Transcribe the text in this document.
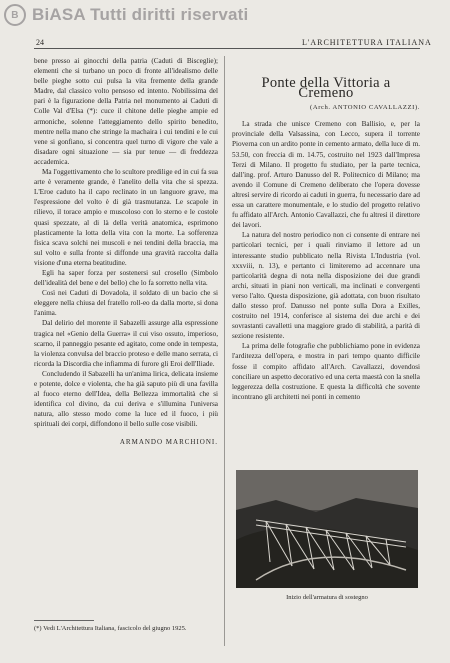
B BiASA Tutti diritti riservati
24	L'ARCHITETTURA ITALIANA

bene presso ai ginocchi della patria (Caduti di Bisceglie); elementi che si turbano un poco di fronte all'idealismo delle belle pieghe sotto cui pulsa la vita fremente della grande Madre, dal classico volto pensoso ed intento. Nobilissima del pari è la figurazione della Patria nel monumento ai Caduti di Colle Val d'Elsa (*): cuce il chitone delle pieghe ampie ed armoniche, solenne l'atteggiamento dello spirito benedito, mentre nella mano che stringe la machaira i cui tendini e le cui vene si gonfiano, si concentra quel turno di vigore che vale a disadare ogni situazione — sia pur tenue — di freddezza accademica.

Ma l'oggettivamento che lo scultore predilige ed in cui fa sua arte è veramente grande, è l'anelito della vita che si spezza. L'Eroe caduto ha il capo reclinato in un languore grave, ma l'espressione del volto è di già trasmutanza. Le scapole in rilievo, il torace ampio e muscoloso con lo sterno e le costole quasi spezzate, al di là della verità anatomica, esprimono plasticamente la lotta della vita con la morte. La sofferenza fisica scava solchi nei muscoli e nei tendini della braccia, ma sul volto e sulla fronte si diffonde una gravità raccolta dalla visione d'una eterna beatitudine.

Egli ha saper forza per sostenersi sul crosello (Simbolo dell'idealità del bene e del bello) che lo fa sorretto nella vita.

Così nei Caduti di Dovadola, il soldato di un bacio che si eleggere nella chiusa del fratello roll-eo da dalla morte, si dona l'anima.

Dal delirio del morente il Sabazelli assurge alla espressione tragica nel «Genio della Guerra» il cui viso ossuto, imperioso, scarno, il panneggio pesante ed agitato, come onde in tempesta, la violenza convulsa del braccio proteso e delle mano serrata, ci ricorda la Discordia che infiamma di furore gli Eroi dell'Iliade.

Concludendo il Sabazelli ha un'anima lirica, delicata insieme e potente, dolce e violenta, che ha già saputo più di una favilla al fuoco eterno dell'Idea, della Bellezza immortalità che si identifica col divino, da cui deriva e s'illumina l'universa natura, allo stesso modo come la luce ed il fuoco, i più spirituali dei corpi, diffondono il bello sulle cose visibili.

ARMANDO MARCHIONI.
(*) Vedi L'Architettura Italiana, fascicolo del giugno 1925.
Ponte della Vittoria a Cremeno
(Arch. ANTONIO CAVALLAZZI).

La strada che unisce Cremeno con Ballisio, e, per la provinciale della Valsassina, con Lecco, supera il torrente Pioverna con un ardito ponte in cemento armato, della luce di m. 53.50, con freccia di m. 14.75, costruito nel 1923 dall'Impresa Terzi di Milano. Il progetto fu studiato, per la parte tecnica, dall'ing. prof. Arturo Danusso del R. Politecnico di Milano; ma avendo il Comune di Cremeno deliberato che l'opera dovesse altresì servire di ricordo ai caduti in guerra, fu necessario dare ad essa un carattere monumentale, e lo studio del progetto relativo fu affidato all'Arch. Antonio Cavallazzi, che fu altresì il direttore dei lavori.

La natura del nostro periodico non ci consente di entrare nei particolari tecnici, per i quali rinviamo il lettore ad un interessante studio pubblicato nella Rivista L'Industria (vol. xxxviii, n. 13), e pertanto ci limiteremo ad accennare una particolarità degna di nota nella disposizione dei due grandi archi, situati in piani non verticali, ma inclinati e convergenti verso l'alto. Questa disposizione, già adottata, con buon risultato dallo stesso prof. Danusso nel ponte sulla Dora a Exilles, costruito nel 1914, conferisce al sistema dei due archi e dei sovrastanti cavalletti una maggiore grado di stabilità, a parità di sezione resistente.

La prima delle fotografie che pubblichiamo pone in evidenza l'arditezza dell'opera, e mostra in pari tempo quanto difficile fosse il compito affidato all'Arch. Cavallazzi, dovendosi conciliare un aspetto decorativo ed una certa maestà con la snella leggerezza della costruzione. E questa la difficoltà che sovente incontrano gli architetti nei ponti in cemento

Inizio dell'armatura di sostegno
